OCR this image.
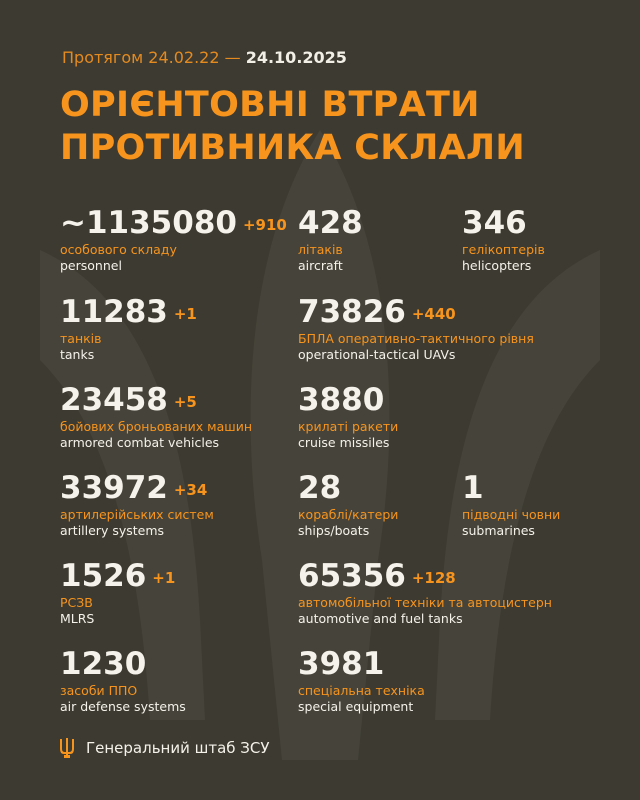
Протягом 24.02.22 — 24.10.2025
ОРІЄНТОВНІ ВТРАТИ
ПРОТИВНИКА СКЛАЛИ
~1135080 +910
особового складу
personnel
428
літаків
aircraft
346
гелікоптерів
helicopters
11283 +1
танків
tanks
73826 +440
БПЛА оперативно-тактичного рівня
operational-tactical UAVs
23458 +5
бойових броньованих машин
armored combat vehicles
3880
крилаті ракети
cruise missiles
33972 +34
артилерійських систем
artillery systems
28
кораблі/катери
ships/boats
1
підводні човни
submarines
1526 +1
РСЗВ
MLRS
65356 +128
автомобільної техніки та автоцистерн
automotive and fuel tanks
1230
засоби ППО
air defense systems
3981
спеціальна техніка
special equipment
Генеральний штаб ЗСУ
